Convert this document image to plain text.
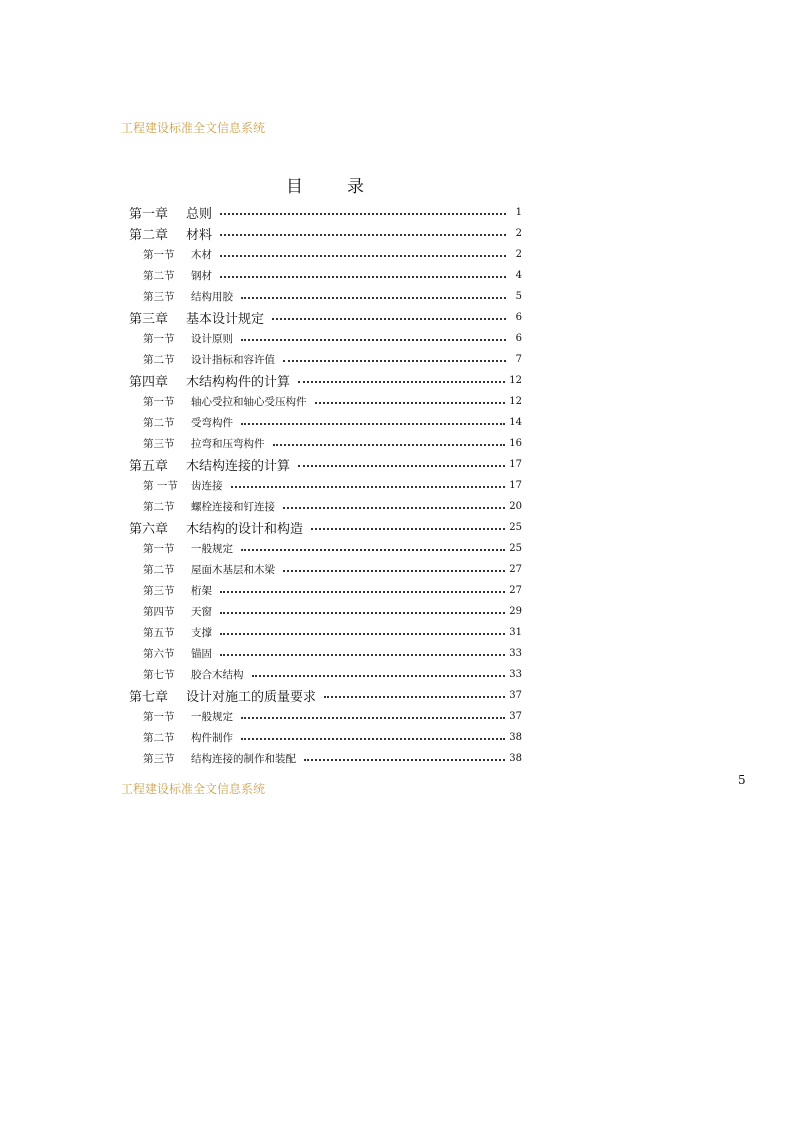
工程建设标准全文信息系统
目	录
第一章	总则	1
第二章	材料	2
第一节	木材	2
第二节	钢材	4
第三节	结构用胶	5
第三章	基本设计规定	6
第一节	设计原则	6
第二节	设计指标和容许值	7
第四章	木结构构件的计算	12
第一节	轴心受拉和轴心受压构件	12
第二节	受弯构件	14
第三节	拉弯和压弯构件	16
第五章	木结构连接的计算	17
第 一节	齿连接	17
第二节	螺栓连接和钉连接	20
第六章	木结构的设计和构造	25
第一节	一般规定	25
第二节	屋面木基层和木梁	27
第三节	桁架	27
第四节	天窗	29
第五节	支撑	31
第六节	锚固	33
第七节	胶合木结构	33
第七章	设计对施工的质量要求	37
第一节	一般规定	37
第二节	构件制作	38
第三节	结构连接的制作和装配	38
工程建设标准全文信息系统
5
